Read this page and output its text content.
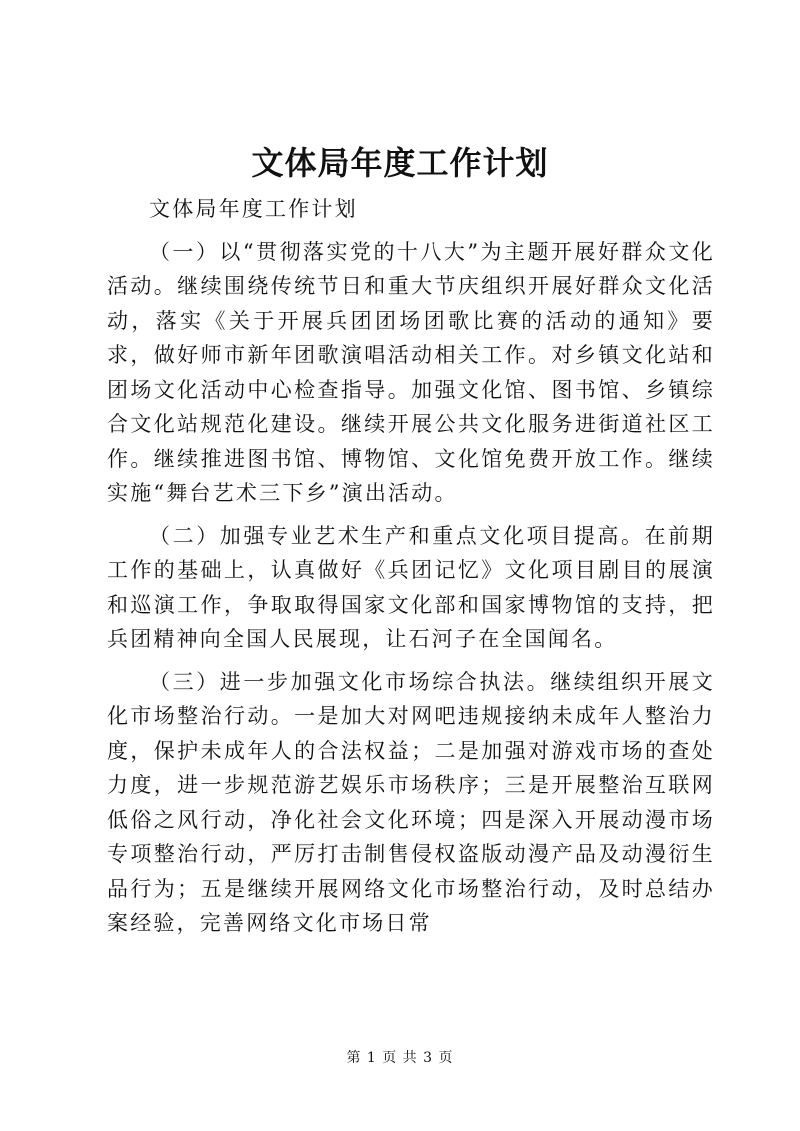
文体局年度工作计划

文体局年度工作计划

（一）以“贯彻落实党的十八大”为主题开展好群众文化活动。继续围绕传统节日和重大节庆组织开展好群众文化活动，落实《关于开展兵团团场团歌比赛的活动的通知》要求，做好师市新年团歌演唱活动相关工作。对乡镇文化站和团场文化活动中心检查指导。加强文化馆、图书馆、乡镇综合文化站规范化建设。继续开展公共文化服务进街道社区工作。继续推进图书馆、博物馆、文化馆免费开放工作。继续实施“舞台艺术三下乡”演出活动。

（二）加强专业艺术生产和重点文化项目提高。在前期工作的基础上，认真做好《兵团记忆》文化项目剧目的展演和巡演工作，争取取得国家文化部和国家博物馆的支持，把兵团精神向全国人民展现，让石河子在全国闻名。

（三）进一步加强文化市场综合执法。继续组织开展文化市场整治行动。一是加大对网吧违规接纳未成年人整治力度，保护未成年人的合法权益；二是加强对游戏市场的查处力度，进一步规范游艺娱乐市场秩序；三是开展整治互联网低俗之风行动，净化社会文化环境；四是深入开展动漫市场专项整治行动，严厉打击制售侵权盗版动漫产品及动漫衍生品行为；五是继续开展网络文化市场整治行动，及时总结办案经验，完善网络文化市场日常

第 1 页 共 3 页
